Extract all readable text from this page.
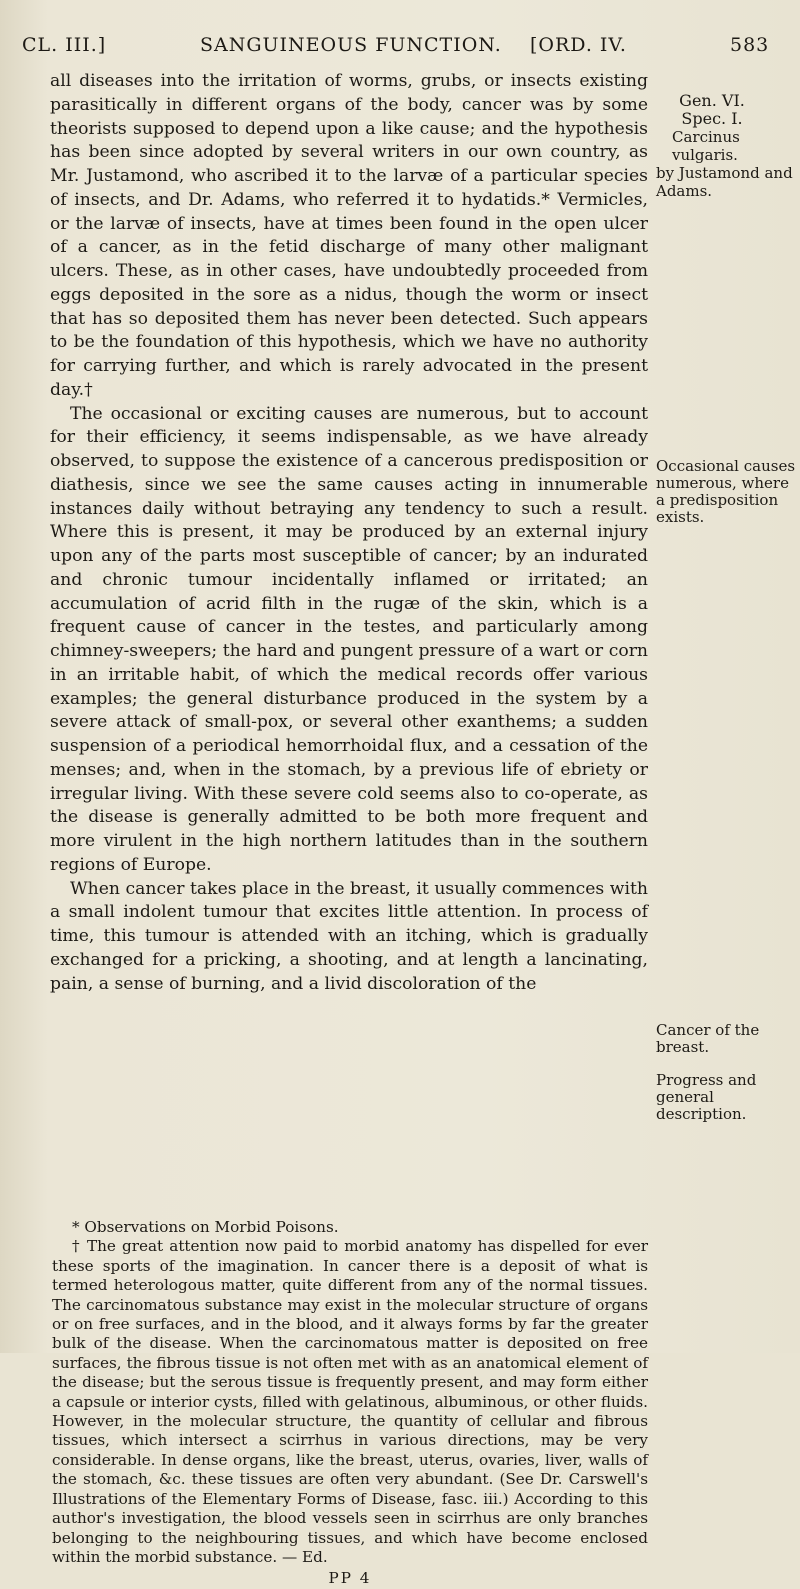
CL. III.]	SANGUINEOUS FUNCTION. [ORD. IV.	583
Gen. VI.
Spec. I.
Carcinus vulgaris.
by Justamond and Adams.
Occasional causes numerous, where a predisposition exists.
Cancer of the breast.
Progress and general description.

all diseases into the irritation of worms, grubs, or insects existing parasitically in different organs of the body, cancer was by some theorists supposed to depend upon a like cause; and the hypothesis has been since adopted by several writers in our own country, as Mr. Justamond, who ascribed it to the larvæ of a particular species of insects, and Dr. Adams, who referred it to hydatids.* Vermicles, or the larvæ of insects, have at times been found in the open ulcer of a cancer, as in the fetid discharge of many other malignant ulcers. These, as in other cases, have undoubtedly proceeded from eggs deposited in the sore as a nidus, though the worm or insect that has so deposited them has never been detected. Such appears to be the foundation of this hypothesis, which we have no authority for carrying further, and which is rarely advocated in the present day.†

The occasional or exciting causes are numerous, but to account for their efficiency, it seems indispensable, as we have already observed, to suppose the existence of a cancerous predisposition or diathesis, since we see the same causes acting in innumerable instances daily without betraying any tendency to such a result. Where this is present, it may be produced by an external injury upon any of the parts most susceptible of cancer; by an indurated and chronic tumour incidentally inflamed or irritated; an accumulation of acrid filth in the rugæ of the skin, which is a frequent cause of cancer in the testes, and particularly among chimney-sweepers; the hard and pungent pressure of a wart or corn in an irritable habit, of which the medical records offer various examples; the general disturbance produced in the system by a severe attack of small-pox, or several other exanthems; a sudden suspension of a periodical hemorrhoidal flux, and a cessation of the menses; and, when in the stomach, by a previous life of ebriety or irregular living. With these severe cold seems also to co-operate, as the disease is generally admitted to be both more frequent and more virulent in the high northern latitudes than in the southern regions of Europe.

When cancer takes place in the breast, it usually commences with a small indolent tumour that excites little attention. In process of time, this tumour is attended with an itching, which is gradually exchanged for a pricking, a shooting, and at length a lancinating, pain, a sense of burning, and a livid discoloration of the

* Observations on Morbid Poisons.

† The great attention now paid to morbid anatomy has dispelled for ever these sports of the imagination. In cancer there is a deposit of what is termed heterologous matter, quite different from any of the normal tissues. The carcinomatous substance may exist in the molecular structure of organs or on free surfaces, and in the blood, and it always forms by far the greater bulk of the disease. When the carcinomatous matter is deposited on free surfaces, the fibrous tissue is not often met with as an anatomical element of the disease; but the serous tissue is frequently present, and may form either a capsule or interior cysts, filled with gelatinous, albuminous, or other fluids. However, in the molecular structure, the quantity of cellular and fibrous tissues, which intersect a scirrhus in various directions, may be very considerable. In dense organs, like the breast, uterus, ovaries, liver, walls of the stomach, &c. these tissues are often very abundant. (See Dr. Carswell's Illustrations of the Elementary Forms of Disease, fasc. iii.) According to this author's investigation, the blood vessels seen in scirrhus are only branches belonging to the neighbouring tissues, and which have become enclosed within the morbid substance. — Ed.

PP 4
